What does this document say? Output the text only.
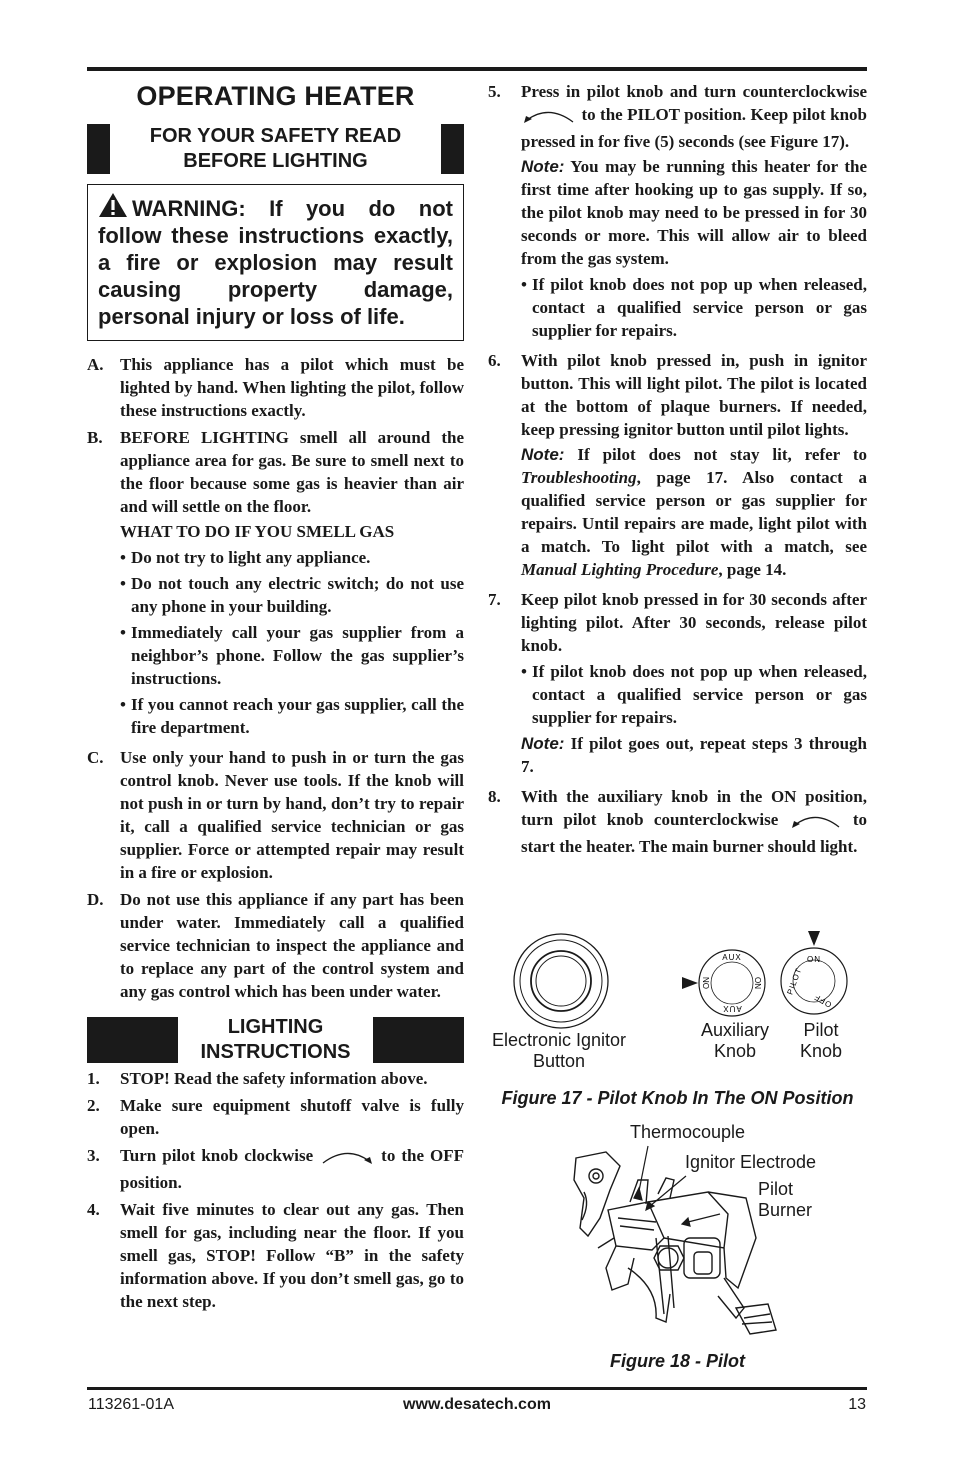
OPERATING HEATER
FOR YOUR SAFETY READ
BEFORE LIGHTING
WARNING: If you do not follow these instructions exactly, a fire or explosion may result causing property damage, personal injury or loss of life.
A. This appliance has a pilot which must be lighted by hand. When lighting the pilot, follow these instructions exactly.
B.	BEFORE LIGHTING smell all around the appliance area for gas. Be sure to smell next to the floor because some gas is heavier than air and will settle on the floor.
WHAT TO DO IF YOU SMELL GAS
• Do not try to light any appliance.
• Do not touch any electric switch; do not use any phone in your building.
• Immediately call your gas supplier from a neighbor’s phone. Follow the gas supplier’s instructions.
• If you cannot reach your gas supplier, call the fire department.
C. Use only your hand to push in or turn the gas control knob. Never use tools. If the knob will not push in or turn by hand, don’t try to repair it, call a qualified service technician or gas supplier. Force or attempted repair may result in a fire or explosion.
D. Do not use this appliance if any part has been under water. Immediately call a qualified service technician to inspect the appliance and to replace any part of the control system and any gas control which has been under water.
LIGHTING
INSTRUCTIONS
1.	STOP! Read the safety information above.
2.	Make sure equipment shutoff valve is fully open.
3.	Turn pilot knob clockwise	to the OFF position.
4.	Wait five minutes to clear out any gas. Then smell for gas, including near the floor. If you smell gas, STOP! Follow “B” in the safety information above. If you don’t smell gas, go to the next step.
5.	Press in pilot knob and turn counterclockwise  to the PILOT position. Keep pilot knob pressed in for five (5) seconds (see Figure 17).
Note: You may be running this heater for the first time after hooking up to gas supply. If so, the pilot knob may need to be pressed in for 30 seconds or more. This will allow air to bleed from the gas system.
• If pilot knob does not pop up when released, contact a qualified service person or gas supplier for repairs.
6.	With pilot knob pressed in, push in ignitor button. This will light pilot. The pilot is located at the bottom of plaque burners. If needed, keep pressing ignitor button until pilot lights.
Note: If pilot does not stay lit, refer to Troubleshooting, page 17. Also contact a qualified service person or gas supplier for repairs. Until repairs are made, light pilot with a match. To light pilot with a match, see Manual Lighting Procedure, page 14.
7.	Keep pilot knob pressed in for 30 seconds after lighting pilot. After 30 seconds, release pilot knob.
• If pilot knob does not pop up when released, contact a qualified service person or gas supplier for repairs.
Note: If pilot goes out, repeat steps 3 through 7.
8.	With the auxiliary knob in the ON position, turn pilot knob counterclockwise	to start the heater. The main burner should light.
AUX
AUX
ON
ON
ON
PILOT
OFF
Electronic Ignitor Button
Auxiliary Knob
Pilot Knob
Figure 17 - Pilot Knob In The ON Position
Thermocouple
Ignitor Electrode
Pilot Burner
Figure 18 - Pilot
113261-01A	www.desatech.com	13
